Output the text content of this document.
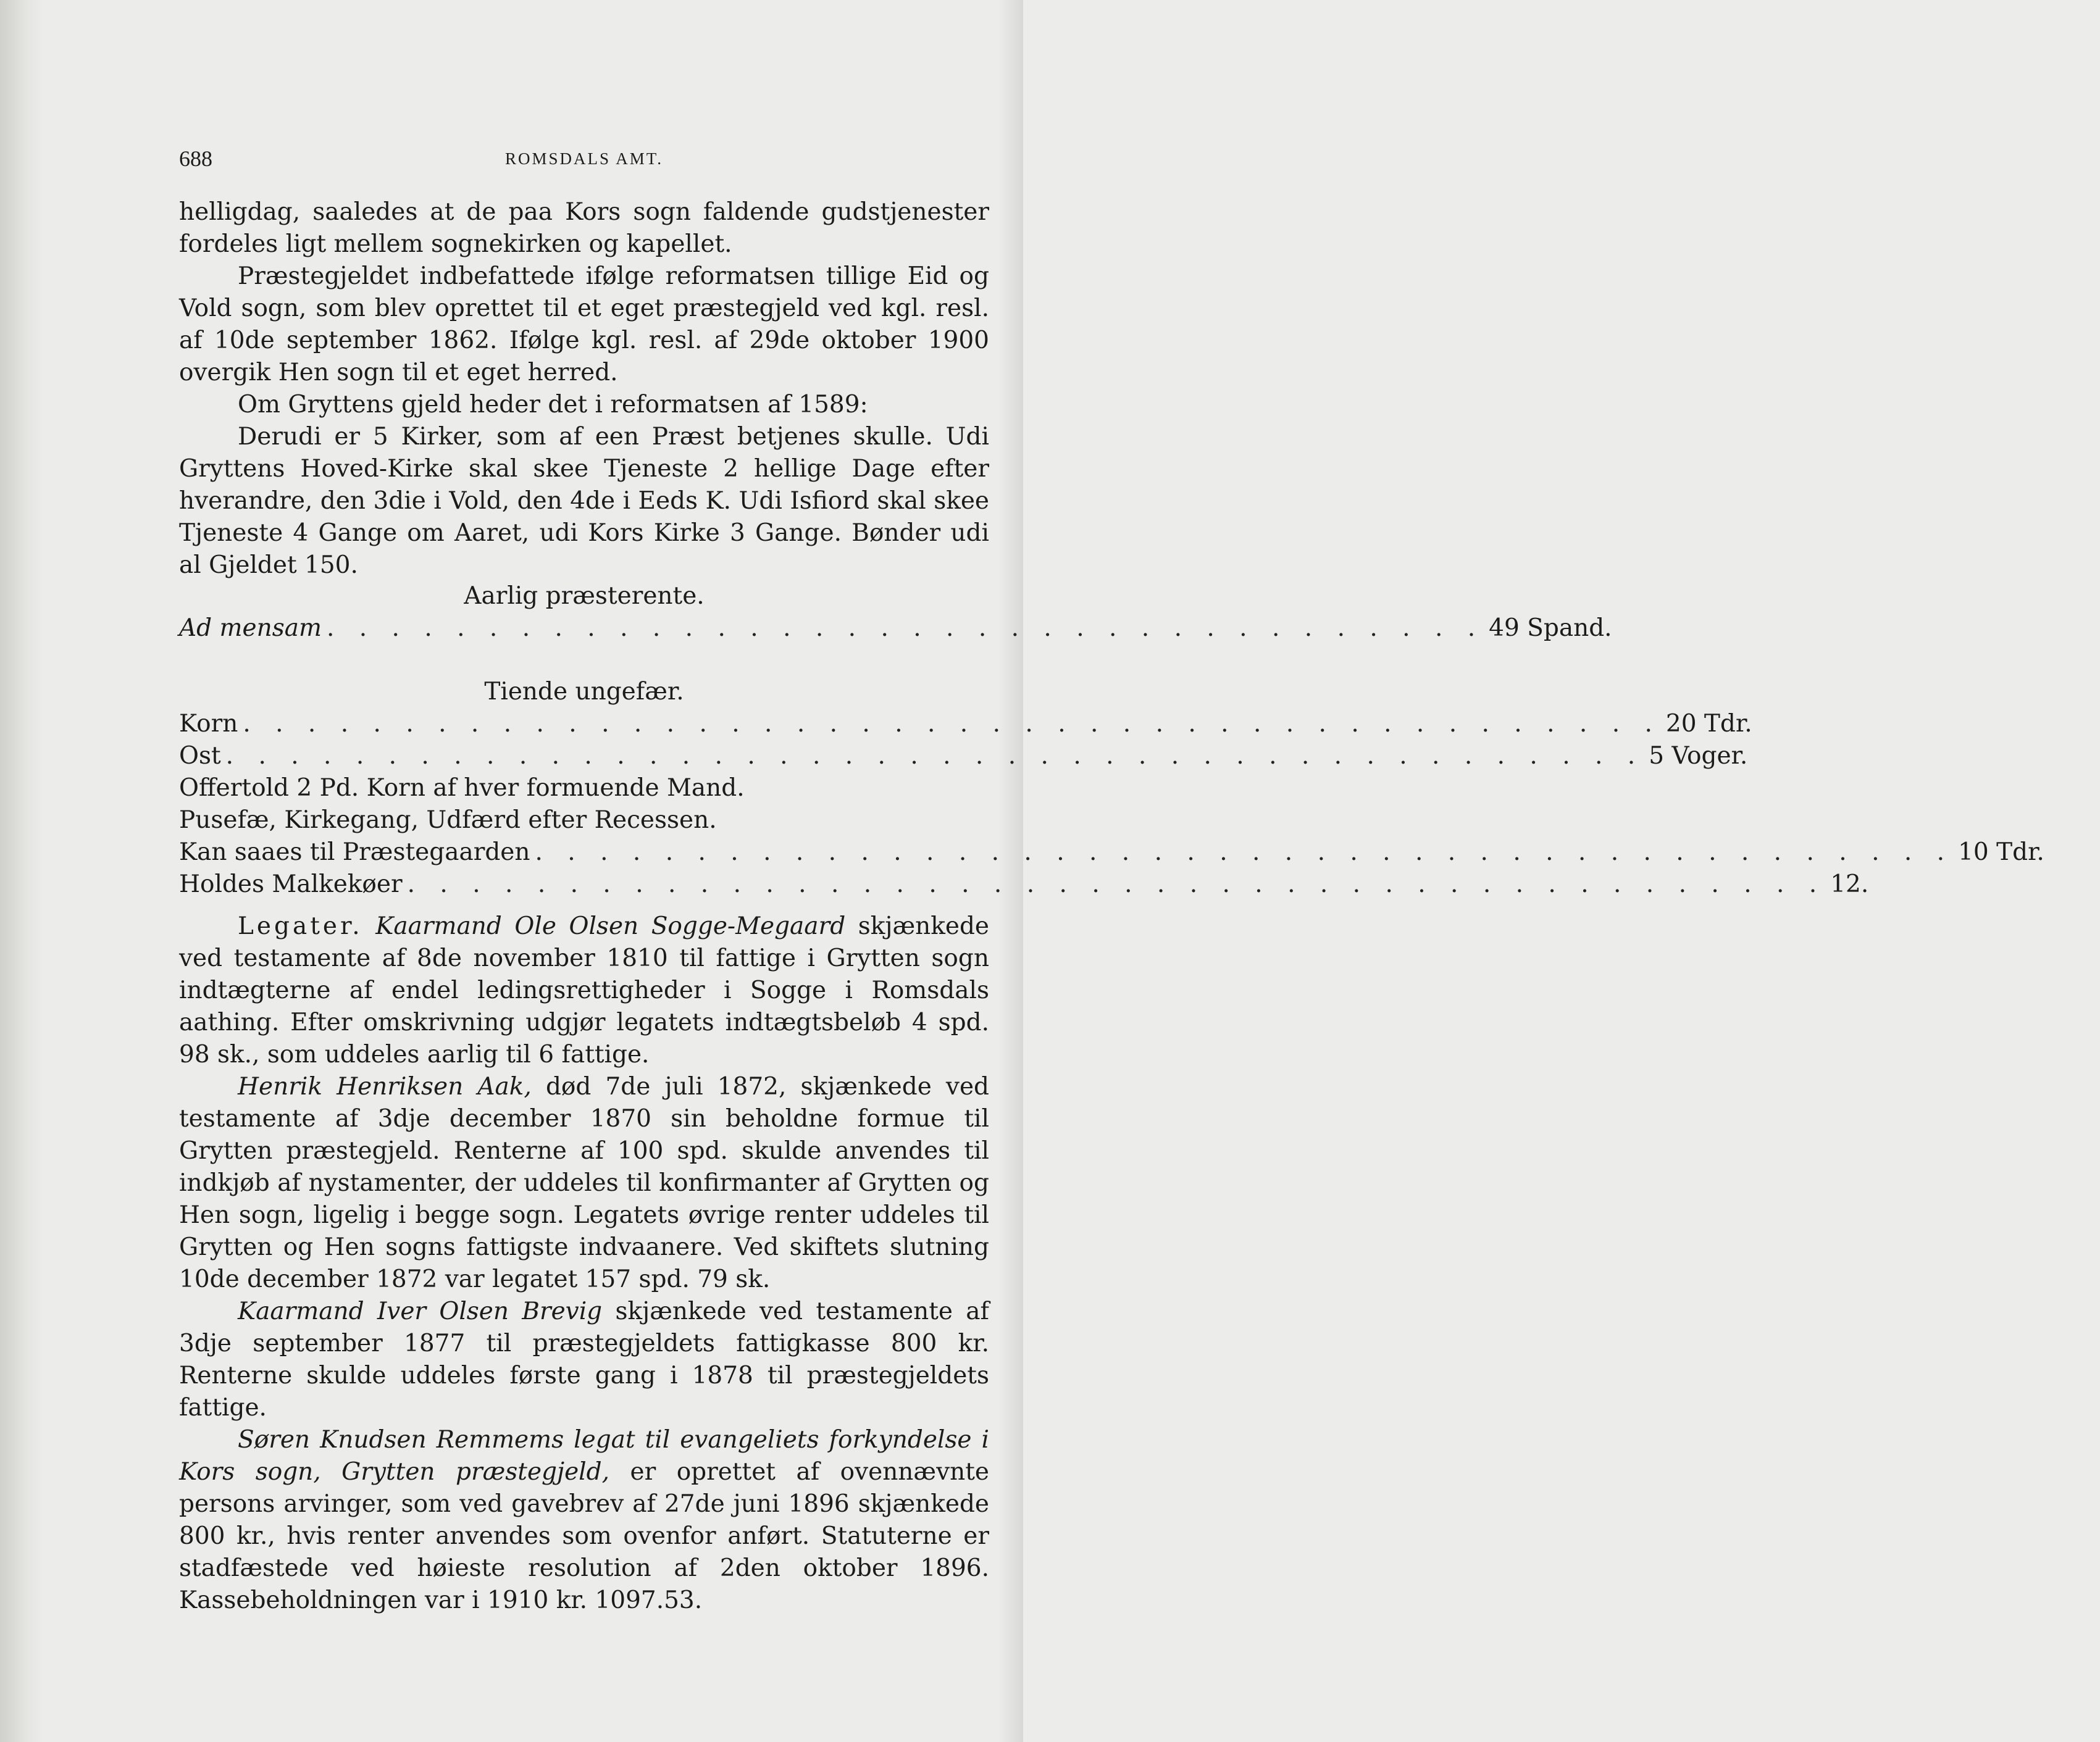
688	ROMSDALS AMT.

helligdag, saaledes at de paa Kors sogn faldende gudstjenester fordeles ligt mellem sognekirken og kapellet.

Præstegjeldet indbefattede ifølge reformatsen tillige Eid og Vold sogn, som blev oprettet til et eget præstegjeld ved kgl. resl. af 10de september 1862. Ifølge kgl. resl. af 29de oktober 1900 overgik Hen sogn til et eget herred.

Om Gryttens gjeld heder det i reformatsen af 1589:

Derudi er 5 Kirker, som af een Præst betjenes skulle. Udi Gryttens Hoved-Kirke skal skee Tjeneste 2 hellige Dage efter hverandre, den 3die i Vold, den 4de i Eeds K. Udi Isfiord skal skee Tjeneste 4 Gange om Aaret, udi Kors Kirke 3 Gange. Bønder udi al Gjeldet 150.

Aarlig præsterente.

Ad mensam . . . . . . . . . . . . . . . . . . . . . . . . . . . . . . . . . . . . 49 Spand.

Tiende ungefær.

Korn . . . . . . . . . . . . . . . . . . . . . . . . . . . . . . . . . . . . . . . . . . . . 20 Tdr.
Ost . . . . . . . . . . . . . . . . . . . . . . . . . . . . . . . . . . . . . . . . . . . . 5 Voger.
Offertold 2 Pd. Korn af hver formuende Mand.
Pusefæ, Kirkegang, Udfærd efter Recessen.
Kan saaes til Præstegaarden . . . . . . . . . . . . . . . . . . . . . . . . . . . . . . . . . . . . . . . . . . . . 10 Tdr.
Holdes Malkekøer . . . . . . . . . . . . . . . . . . . . . . . . . . . . . . . . . . . . . . . . . . . . 12.

Legater. Kaarmand Ole Olsen Sogge-Megaard skjænkede ved testamente af 8de november 1810 til fattige i Grytten sogn indtægterne af endel ledingsrettigheder i Sogge i Romsdals aathing. Efter omskrivning udgjør legatets indtægtsbeløb 4 spd. 98 sk., som uddeles aarlig til 6 fattige.

Henrik Henriksen Aak, død 7de juli 1872, skjænkede ved testamente af 3dje december 1870 sin beholdne formue til Grytten præstegjeld. Renterne af 100 spd. skulde anvendes til indkjøb af nystamenter, der uddeles til konfirmanter af Grytten og Hen sogn, ligelig i begge sogn. Legatets øvrige renter uddeles til Grytten og Hen sogns fattigste indvaanere. Ved skiftets slutning 10de december 1872 var legatet 157 spd. 79 sk.

Kaarmand Iver Olsen Brevig skjænkede ved testamente af 3dje september 1877 til præstegjeldets fattigkasse 800 kr. Renterne skulde uddeles første gang i 1878 til præstegjeldets fattige.

Søren Knudsen Remmems legat til evangeliets forkyndelse i Kors sogn, Grytten præstegjeld, er oprettet af ovennævnte persons arvinger, som ved gavebrev af 27de juni 1896 skjænkede 800 kr., hvis renter anvendes som ovenfor anført. Statuterne er stadfæstede ved høieste resolution af 2den oktober 1896. Kassebeholdningen var i 1910 kr. 1097.53.
